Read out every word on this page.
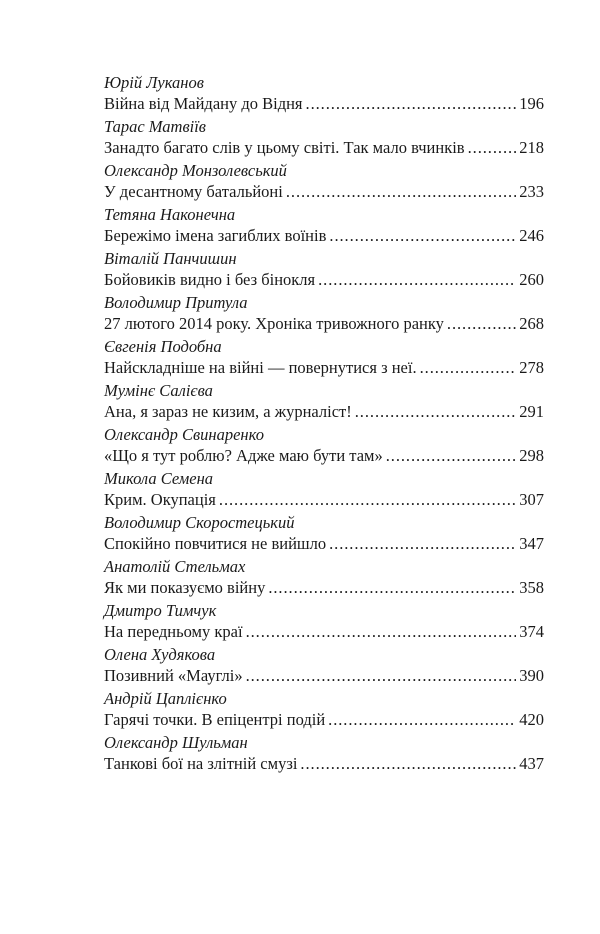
Юрій Луканов
Війна від Майдану до Відня . . .	196
Тарас Матвіїв
Занадто багато слів у цьому світі. Так мало вчинків . . .	218
Олександр Монзолевський
У десантному батальйоні . . .	233
Тетяна Наконечна
Бережімо імена загиблих воїнів . . .	246
Віталій Панчишин
Бойовиків видно і без бінокля . . .	260
Володимир Притула
27 лютого 2014 року. Хроніка тривожного ранку . . .	268
Євгенія Подобна
Найскладніше на війні — повернутися з неї. . . .	278
Мумінє Салієва
Ана, я зараз не кизим, а журналіст! . . .	291
Олександр Свинаренко
«Що я тут роблю? Адже маю бути там» . . .	298
Микола Семена
Крим. Окупація . . .	307
Володимир Скоростецький
Спокійно повчитися не вийшло . . .	347
Анатолій Стельмах
Як ми показуємо війну . . .	358
Дмитро Тимчук
На передньому краї . . .	374
Олена Худякова
Позивний «Мауглі» . . .	390
Андрій Цаплієнко
Гарячі точки. В епіцентрі подій . . .	420
Олександр Шульман
Танкові бої на злітній смузі . . .	437
